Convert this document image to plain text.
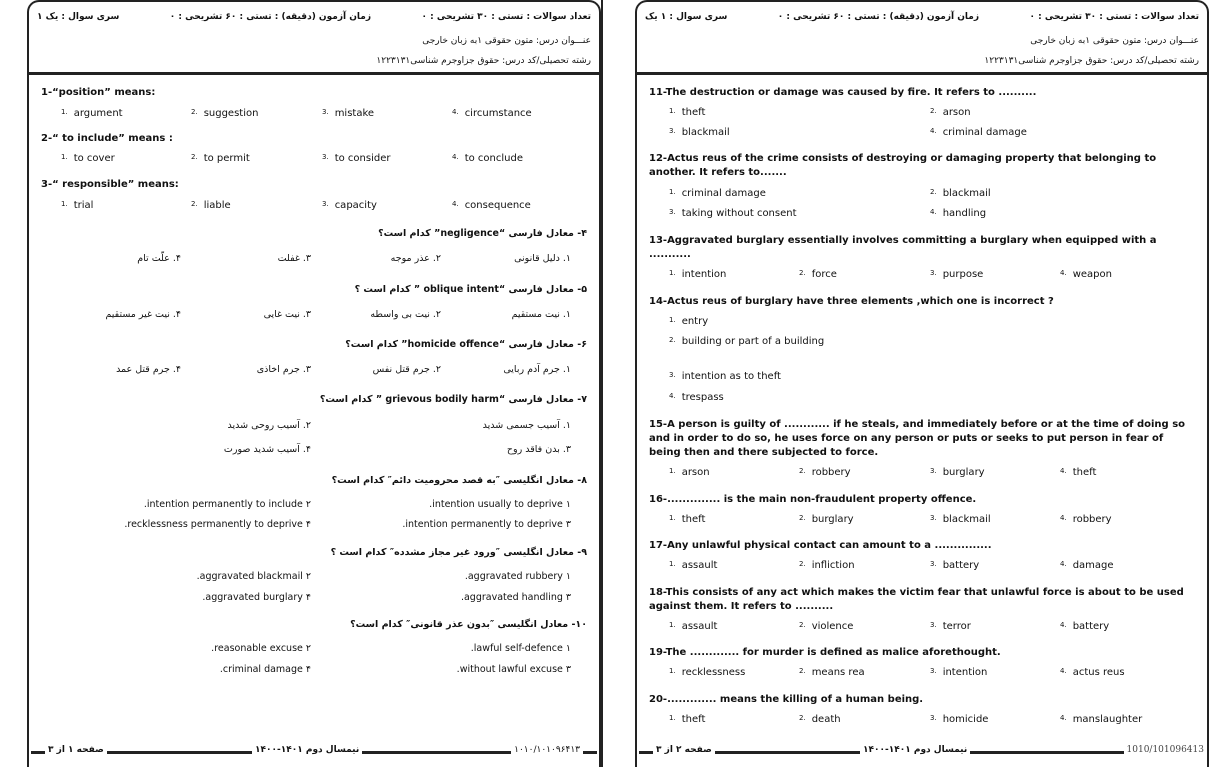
تعداد سوالات : تستی : ۳۰ تشریحی : ۰
زمان آزمون (دقیقه) : تستی : ۶۰ تشریحی : ۰
سری سوال : یک ۱
عنـــوان درس: متون حقوقی ۱به زبان خارجی
رشته تحصیلی/کد درس: حقوق جزاوجرم شناسی۱۲۲۳۱۳۱
1-“position” means:
$^{1.}$ argument	$^{2.}$ suggestion	$^{3.}$ mistake	$^{4.}$ circumstance
2-“ to include” means :
$^{1.}$ to cover	$^{2.}$ to permit	$^{3.}$ to consider	$^{4.}$ to conclude
3-“ responsible” means:
$^{1.}$ trial	$^{2.}$ liable	$^{3.}$ capacity	$^{4.}$ consequence
۴- معادل فارسی “negligence” کدام است؟
۱. دلیل قانونی
۲. عذر موجه
۳. غفلت
۴. علّت تام
۵- معادل فارسی “oblique intent ” کدام است ؟
۱. نیت مستقیم
۲. نیت بی واسطه
۳. نیت غایی
۴. نیت غیر مستقیم
۶- معادل فارسی “homicide offence” کدام است؟
۱. جرم آدم ربایی
۲. جرم قتل نفس
۳. جرم اخاذی
۴. جرم قتل عمد
۷- معادل فارسی “grievous bodily harm ” کدام است؟
۱. آسیب جسمی شدید
۲. آسیب روحی شدید
۳. بدن فاقد روح
۴. آسیب شدید صورت
۸- معادل انگلیسی ″به قصد محرومیت دائم″ کدام است؟
intention usually to deprive ۱.
intention permanently to include ۲.
intention permanently to deprive ۳.
recklessness permanently to deprive ۴.
۹- معادل انگلیسی ″ورود غیر مجاز مشدده″ کدام است ؟
aggravated rubbery ۱.
aggravated blackmail ۲.
aggravated handling ۳.
aggravated burglary ۴.
۱۰- معادل انگلیسی ″بدون عذر قانونی″ کدام است؟
lawful self-defence ۱.
reasonable excuse ۲.
without lawful excuse ۳.
criminal damage ۴.
صفحه ۱ از ۳	نیمسال دوم ۱۴۰۱-۱۴۰۰	۱۰۱۰/۱۰۱۰۹۶۴۱۳
تعداد سوالات : تستی : ۳۰ تشریحی : ۰
زمان آزمون (دقیقه) : تستی : ۶۰ تشریحی : ۰
سری سوال : ۱ یک
عنـــوان درس: متون حقوقی ۱به زبان خارجی
رشته تحصیلی/کد درس: حقوق جزاوجرم شناسی۱۲۲۳۱۳۱
11-The destruction or damage was caused by fire. It refers to ..........
$^{1.}$ theft	$^{2.}$ arson
$^{3.}$ blackmail	$^{4.}$ criminal damage
12-Actus reus of the crime consists of destroying or damaging property that belonging to another. It refers to.......
$^{1.}$ criminal damage	$^{2.}$ blackmail
$^{3.}$ taking without consent	$^{4.}$ handling
13-Aggravated burglary essentially involves committing a burglary when equipped with a ...........
$^{1.}$ intention	$^{2.}$ force	$^{3.}$ purpose	$^{4.}$ weapon
14-Actus reus of burglary have three elements ,which one is incorrect ?
$^{1.}$ entry
$^{2.}$ building or part of a building
$^{3.}$ intention as to theft
$^{4.}$ trespass
15-A person is guilty of ............ if he steals, and immediately before or at the time of doing so and in order to do so, he uses force on any person or puts or seeks to put person in fear of being then and there subjected to force.
$^{1.}$ arson	$^{2.}$ robbery	$^{3.}$ burglary	$^{4.}$ theft
16-.............. is the main non-fraudulent property offence.
$^{1.}$ theft	$^{2.}$ burglary	$^{3.}$ blackmail	$^{4.}$ robbery
17-Any unlawful physical contact can amount to a ...............
$^{1.}$ assault	$^{2.}$ infliction	$^{3.}$ battery	$^{4.}$ damage
18-This consists of any act which makes the victim fear that unlawful force is about to be used against them. It refers to ..........
$^{1.}$ assault	$^{2.}$ violence	$^{3.}$ terror	$^{4.}$ battery
19-The ............. for murder is defined as malice aforethought.
$^{1.}$ recklessness	$^{2.}$ means rea	$^{3.}$ intention	$^{4.}$ actus reus
20-............. means the killing of a human being.
$^{1.}$ theft	$^{2.}$ death	$^{3.}$ homicide	$^{4.}$ manslaughter
صفحه ۲ از ۳	نیمسال دوم ۱۴۰۱-۱۴۰۰	1010/101096413
